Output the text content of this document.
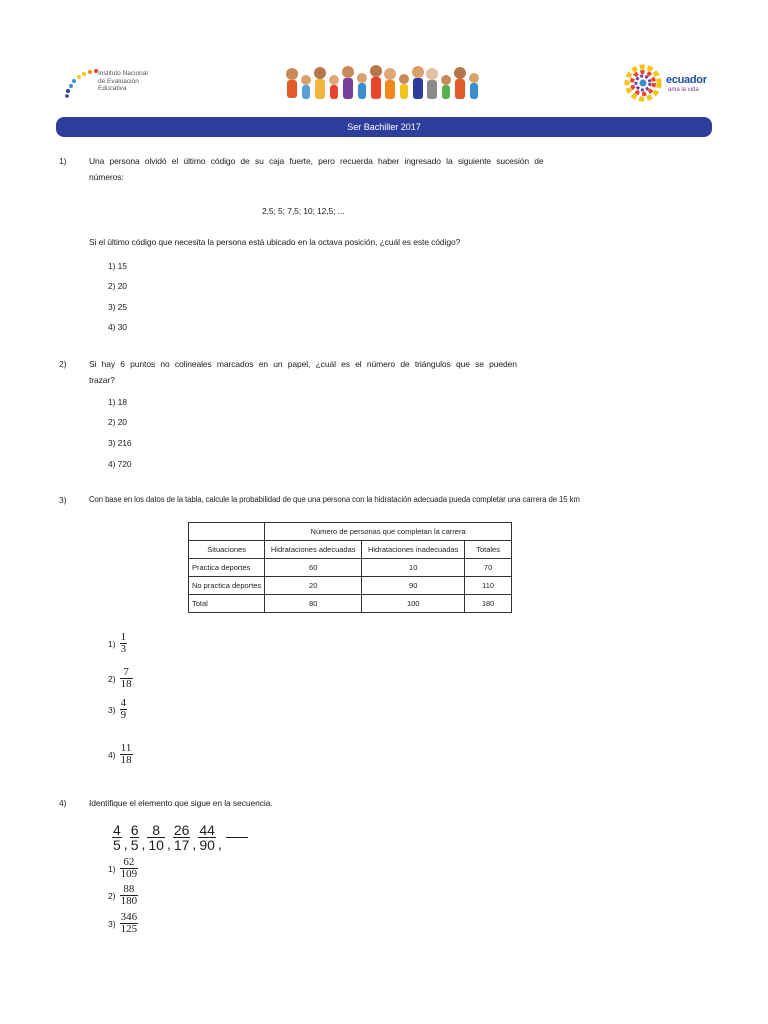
Instituto Nacional
de Evaluación
Educativa
ecuador
ama la vida
Ser Bachiller 2017
1)	Una persona olvidó el último código de su caja fuerte, pero recuerda haber ingresado la siguiente sucesión de
números:
2,5; 5; 7,5; 10; 12,5; ...
Si el último código que necesita la persona está ubicado en la octava posición, ¿cuál es este código?
1) 15
2) 20
3) 25
4) 30
2)	Si hay 6 puntos no colineales marcados en un papel, ¿cuál es el número de triángulos que se pueden
trazar?
1) 18
2) 20
3) 216
4) 720
3)	Con base en los datos de la tabla, calcule la probabilidad de que una persona con la hidratación adecuada pueda completar una carrera de 15 km
	Número de personas que completan la carrera		
Situaciones	Hidrataciones adecuadas	Hidrataciones inadecuadas	Totales
Practica deportes	60	10	70
No practica deportes	20	90	110
Total	80	100	180
$1) \frac{1}{3}$
$2) \frac{7}{18}$
$3) \frac{4}{9}$
$4) \frac{11}{18}$
4)	Identifique el elemento que sigue en la secuencia.
$\frac{4}{5}$ , $\frac{6}{5}$ , $\frac{8}{10}$ , $\frac{26}{17}$ , $\frac{44}{90}$ ,
$1) \frac{62}{109}$
$2) \frac{88}{180}$
$3) \frac{346}{125}$
